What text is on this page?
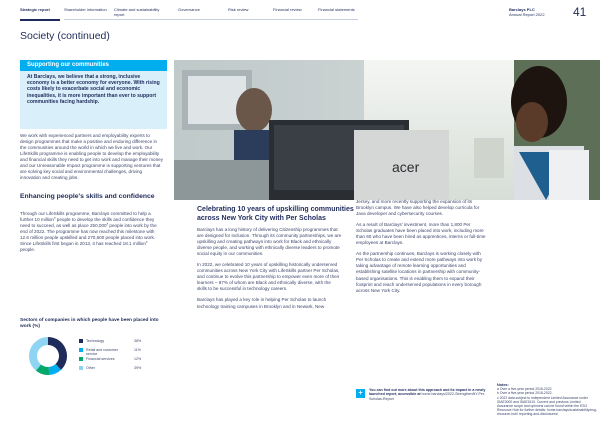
Strategic report	Shareholder information	Climate and sustainability report
Governance	Risk review	Financial review	Financial statements	Barclays PLC
Annual Report 2022 41
Society (continued)
Supporting our communities
At Barclays, we believe that a strong, inclusive economy is a better economy for everyone. With rising costs likely to exacerbate social and economic inequalities, it is more important than ever to support communities facing hardship.
We work with experienced partners and employability experts to design programmes that make a positive and enduring difference in the communities around the world in which we live and work. Our LifeSkills programme is enabling people to develop the employability and financial skills they need to get into work and manage their money and our Unreasonable Impact programme is supporting ventures that are solving key social and environmental challenges, driving innovation and creating jobs.
Enhancing people's skills and confidence
Through our LifeSkills programme, Barclays committed to help a further 10 million$^a$ people to develop the skills and confidence they need to succeed, as well as place 250,000$^a$ people into work by the end of 2022. The programme has now reached this milestone with 12.6 million people upskilled and 270,600 people placed into work. Since LifeSkills first began in 2013, it has reached 18.1 million$^a$ people.
Sectors of companies in which people have been placed into work (%)
Technology	38%
Retail and customer service
11%
Financial services	12%
Other	39%
acer
Celebrating 10 years of upskilling communities across New York City with Per Scholas

Barclays has a long history of delivering Citizenship programmes that are designed for inclusion. Through its community partnerships, we are upskilling and creating pathways into work for Black and ethnically diverse people, and working with ethnically diverse leaders to promote social equity in our communities.

In 2022, we celebrated 10 years of upskilling historically underserved communities across New York City with LifeSkills partner Per Scholas, and continue to evolve this partnership to empower even more of their learners – 87% of whom are Black and ethnically diverse, with the skills to be successful in technology careers.

Barclays has played a key role in helping Per Scholas to launch technology training campuses in Brooklyn and in Newark, New

Jersey, and more recently supporting the expansion of its Brooklyn campus. We have also helped develop curricula for Java developer and cybersecurity courses.

As a result of Barclays' investment, more than 1,800 Per Scholas graduates have been placed into work, including more than 60 who have been hired as apprentices, interns or full-time employees at Barclays.

As the partnership continues, Barclays is working closely with Per Scholas to create and extend more pathways into work by taking advantage of remote learning opportunities and establishing satellite locations in partnership with community-based organisations. This is enabling them to expand their footprint and reach underserved populations in every borough across New York City.

+	You can find out more about this approach and its impact in a newly launched report, accessible at home.barclays/2022-StrengthenNY-Per-Scholas-Report
Notes:
a Over a five-year period 2018-2022.
b Over a five-year period 2018-2022.
c 2022 data subject to independent Limited Assurance under ISAE3000 and ISAE3410. Current and previous Limited Assurance scope and opinions can be found within the ESG Resource Hub for further details: home.barclays/sustainability/esg-resource-hub/ reporting-and-disclosures/
